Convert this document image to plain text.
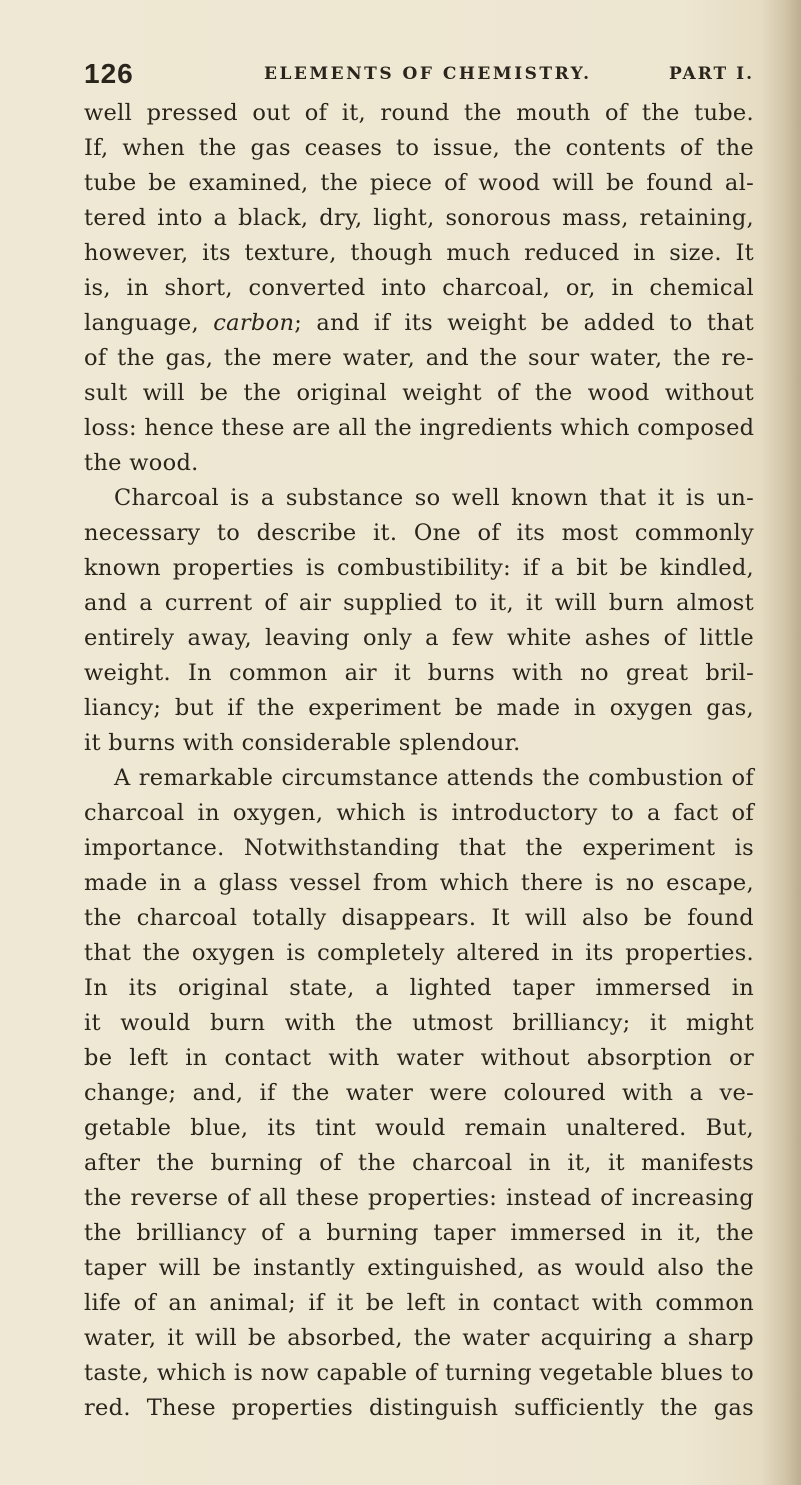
126	ELEMENTS OF CHEMISTRY.	PART I.
well pressed out of it, round the mouth of the tube.
If, when the gas ceases to issue, the contents of the
tube be examined, the piece of wood will be found al-
tered into a black, dry, light, sonorous mass, retaining,
however, its texture, though much reduced in size. It
is, in short, converted into charcoal, or, in chemical
language, carbon; and if its weight be added to that
of the gas, the mere water, and the sour water, the re-
sult will be the original weight of the wood without
loss: hence these are all the ingredients which composed
the wood.
Charcoal is a substance so well known that it is un-
necessary to describe it. One of its most commonly
known properties is combustibility: if a bit be kindled,
and a current of air supplied to it, it will burn almost
entirely away, leaving only a few white ashes of little
weight. In common air it burns with no great bril-
liancy; but if the experiment be made in oxygen gas,
it burns with considerable splendour.
A remarkable circumstance attends the combustion of
charcoal in oxygen, which is introductory to a fact of
importance. Notwithstanding that the experiment is
made in a glass vessel from which there is no escape,
the charcoal totally disappears. It will also be found
that the oxygen is completely altered in its properties.
In its original state, a lighted taper immersed in
it would burn with the utmost brilliancy; it might
be left in contact with water without absorption or
change; and, if the water were coloured with a ve-
getable blue, its tint would remain unaltered. But,
after the burning of the charcoal in it, it manifests
the reverse of all these properties: instead of increasing
the brilliancy of a burning taper immersed in it, the
taper will be instantly extinguished, as would also the
life of an animal; if it be left in contact with common
water, it will be absorbed, the water acquiring a sharp
taste, which is now capable of turning vegetable blues to
red. These properties distinguish sufficiently the gas
